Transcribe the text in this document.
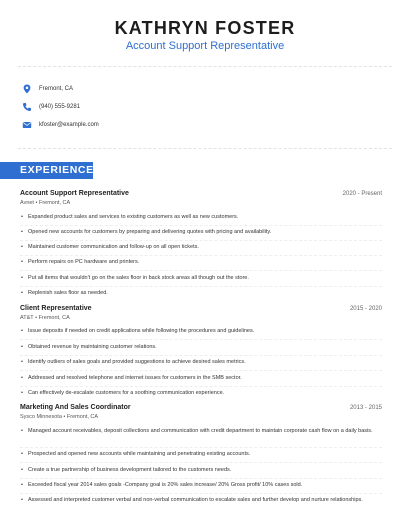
KATHRYN FOSTER
Account Support Representative
Fremont, CA
(940) 555-9281
kfoster@example.com
EXPERIENCE
Account Support Representative	2020 - Present
Avnet • Fremont, CA
• Expanded product sales and services to existing customers as well as new customers.
• Opened new accounts for customers by preparing and delivering quotes with pricing and availability.
• Maintained customer communication and follow-up on all open tickets.
• Perform repairs on PC hardware and printers.
• Put all items that wouldn't go on the sales floor in back stock areas all though out the store.
• Replenish sales floor as needed.
Client Representative	2015 - 2020
AT&T • Fremont, CA
• Issue deposits if needed on credit applications while following the procedures and guidelines.
• Obtained revenue by maintaining customer relations.
• Identify outliers of sales goals and provided suggestions to achieve desired sales metrics.
• Addressed and resolved telephone and internet issues for customers in the SMB sector.
• Can effectively de-escalate customers for a soothing communication experience.
Marketing And Sales Coordinator	2013 - 2015
Sysco Minnesota • Fremont, CA
• Managed account receivables, deposit collections and communication with credit department to maintain corporate cash flow on a daily basis.
• Prospected and opened new accounts while maintaining and penetrating existing accounts.
• Create a true partnership of business development tailored to the customers needs.
• Exceeded fiscal year 2014 sales goals -Company goal is 20% sales increase/ 20% Gross profit/ 10% cases sold.
• Assessed and interpreted customer verbal and non-verbal communication to escalate sales and further develop and nurture relationships.
